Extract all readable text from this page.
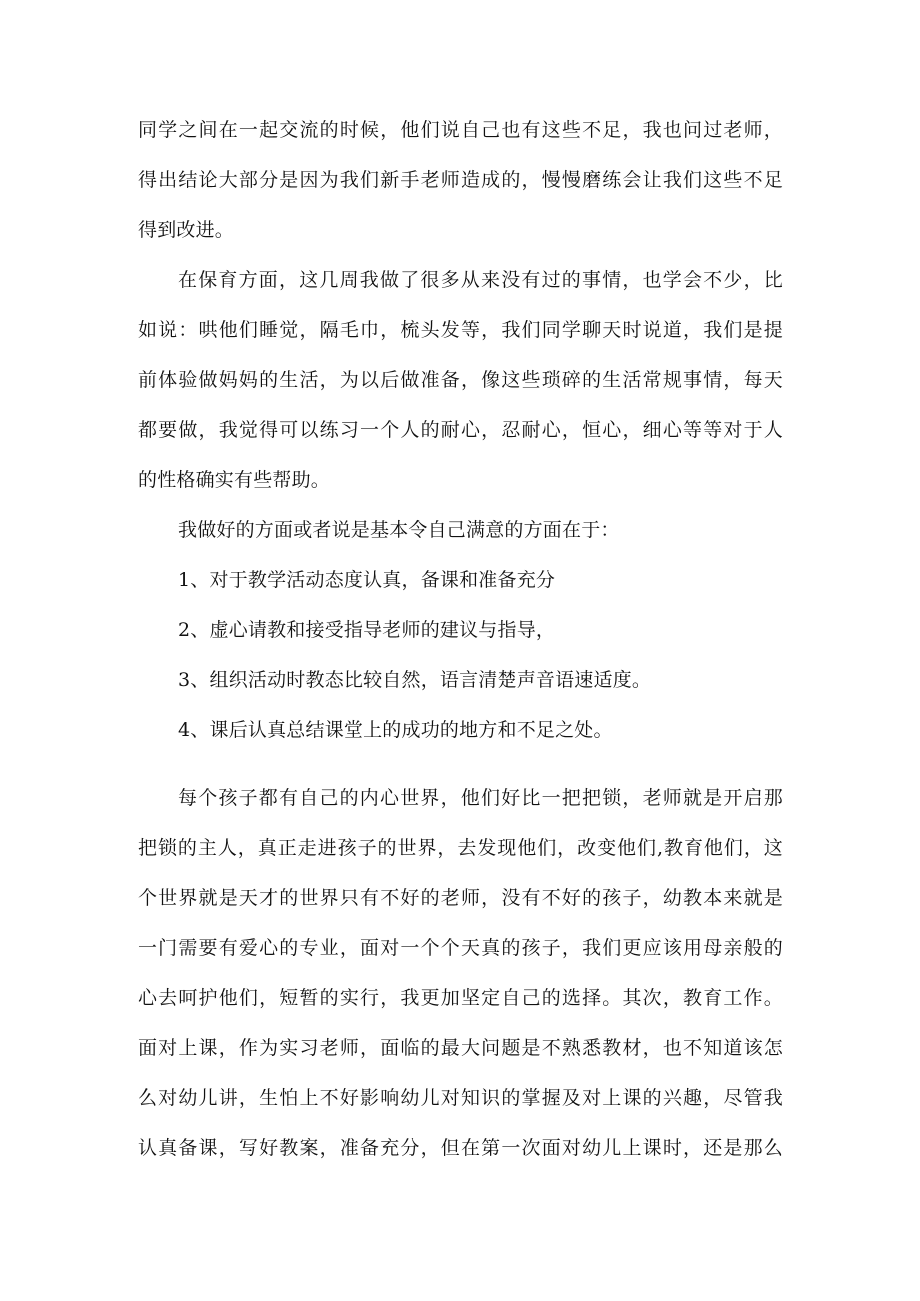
同学之间在一起交流的时候，他们说自己也有这些不足，我也问过老师，
得出结论大部分是因为我们新手老师造成的，慢慢磨练会让我们这些不足
得到改进。
在保育方面，这几周我做了很多从来没有过的事情，也学会不少，比
如说：哄他们睡觉，隔毛巾，梳头发等，我们同学聊天时说道，我们是提
前体验做妈妈的生活，为以后做准备，像这些琐碎的生活常规事情，每天
都要做，我觉得可以练习一个人的耐心，忍耐心，恒心，细心等等对于人
的性格确实有些帮助。
我做好的方面或者说是基本令自己满意的方面在于：
1、对于教学活动态度认真，备课和准备充分
2、虚心请教和接受指导老师的建议与指导，
3、组织活动时教态比较自然，语言清楚声音语速适度。
4、课后认真总结课堂上的成功的地方和不足之处。
每个孩子都有自己的内心世界，他们好比一把把锁，老师就是开启那
把锁的主人，真正走进孩子的世界，去发现他们，改变他们,教育他们，这
个世界就是天才的世界只有不好的老师，没有不好的孩子，幼教本来就是
一门需要有爱心的专业，面对一个个天真的孩子，我们更应该用母亲般的
心去呵护他们，短暂的实行，我更加坚定自己的选择。其次，教育工作。
面对上课，作为实习老师，面临的最大问题是不熟悉教材，也不知道该怎
么对幼儿讲，生怕上不好影响幼儿对知识的掌握及对上课的兴趣，尽管我
认真备课，写好教案，准备充分，但在第一次面对幼儿上课时，还是那么
